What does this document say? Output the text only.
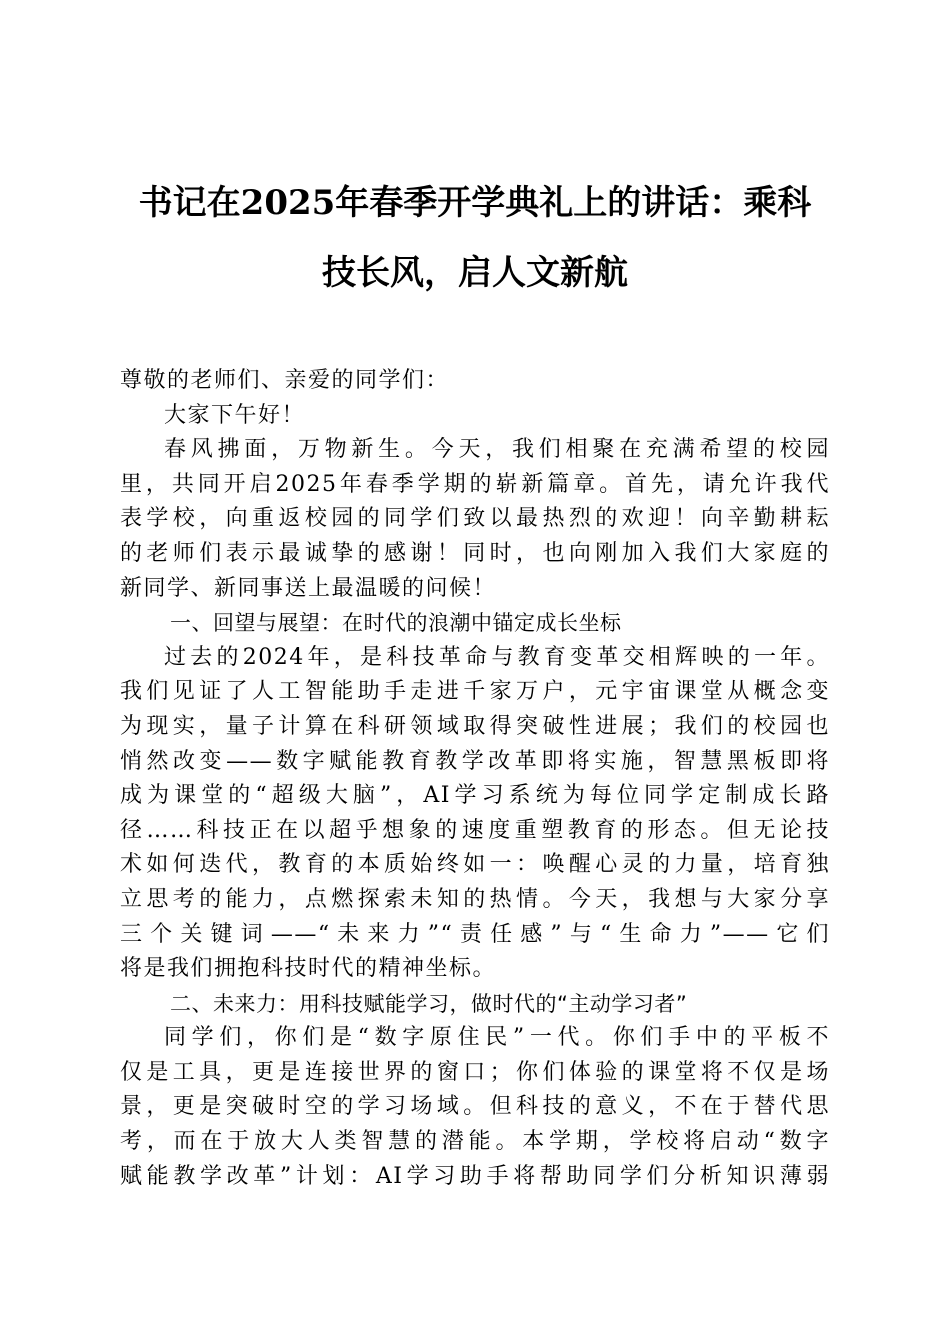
书记在2025年春季开学典礼上的讲话：乘科
技长风，启人文新航

尊敬的老师们、亲爱的同学们：

大家下午好！

春风拂面，万物新生。今天，我们相聚在充满希望的校园
里，共同开启2025年春季学期的崭新篇章。首先，请允许我代
表学校，向重返校园的同学们致以最热烈的欢迎！向辛勤耕耘
的老师们表示最诚挚的感谢！同时，也向刚加入我们大家庭的
新同学、新同事送上最温暖的问候！

一、回望与展望：在时代的浪潮中锚定成长坐标

过去的2024年，是科技革命与教育变革交相辉映的一年。
我们见证了人工智能助手走进千家万户，元宇宙课堂从概念变
为现实，量子计算在科研领域取得突破性进展；我们的校园也
悄然改变——数字赋能教育教学改革即将实施，智慧黑板即将
成为课堂的“超级大脑”，AI学习系统为每位同学定制成长路
径……科技正在以超乎想象的速度重塑教育的形态。但无论技
术如何迭代，教育的本质始终如一：唤醒心灵的力量，培育独
立思考的能力，点燃探索未知的热情。今天，我想与大家分享
三个关键词——“未来力”“责任感”与“生命力”——它们
将是我们拥抱科技时代的精神坐标。

二、未来力：用科技赋能学习，做时代的“主动学习者”

同学们，你们是“数字原住民”一代。你们手中的平板不
仅是工具，更是连接世界的窗口；你们体验的课堂将不仅是场
景，更是突破时空的学习场域。但科技的意义，不在于替代思
考，而在于放大人类智慧的潜能。本学期，学校将启动“数字
赋能教学改革”计划：AI学习助手将帮助同学们分析知识薄弱
